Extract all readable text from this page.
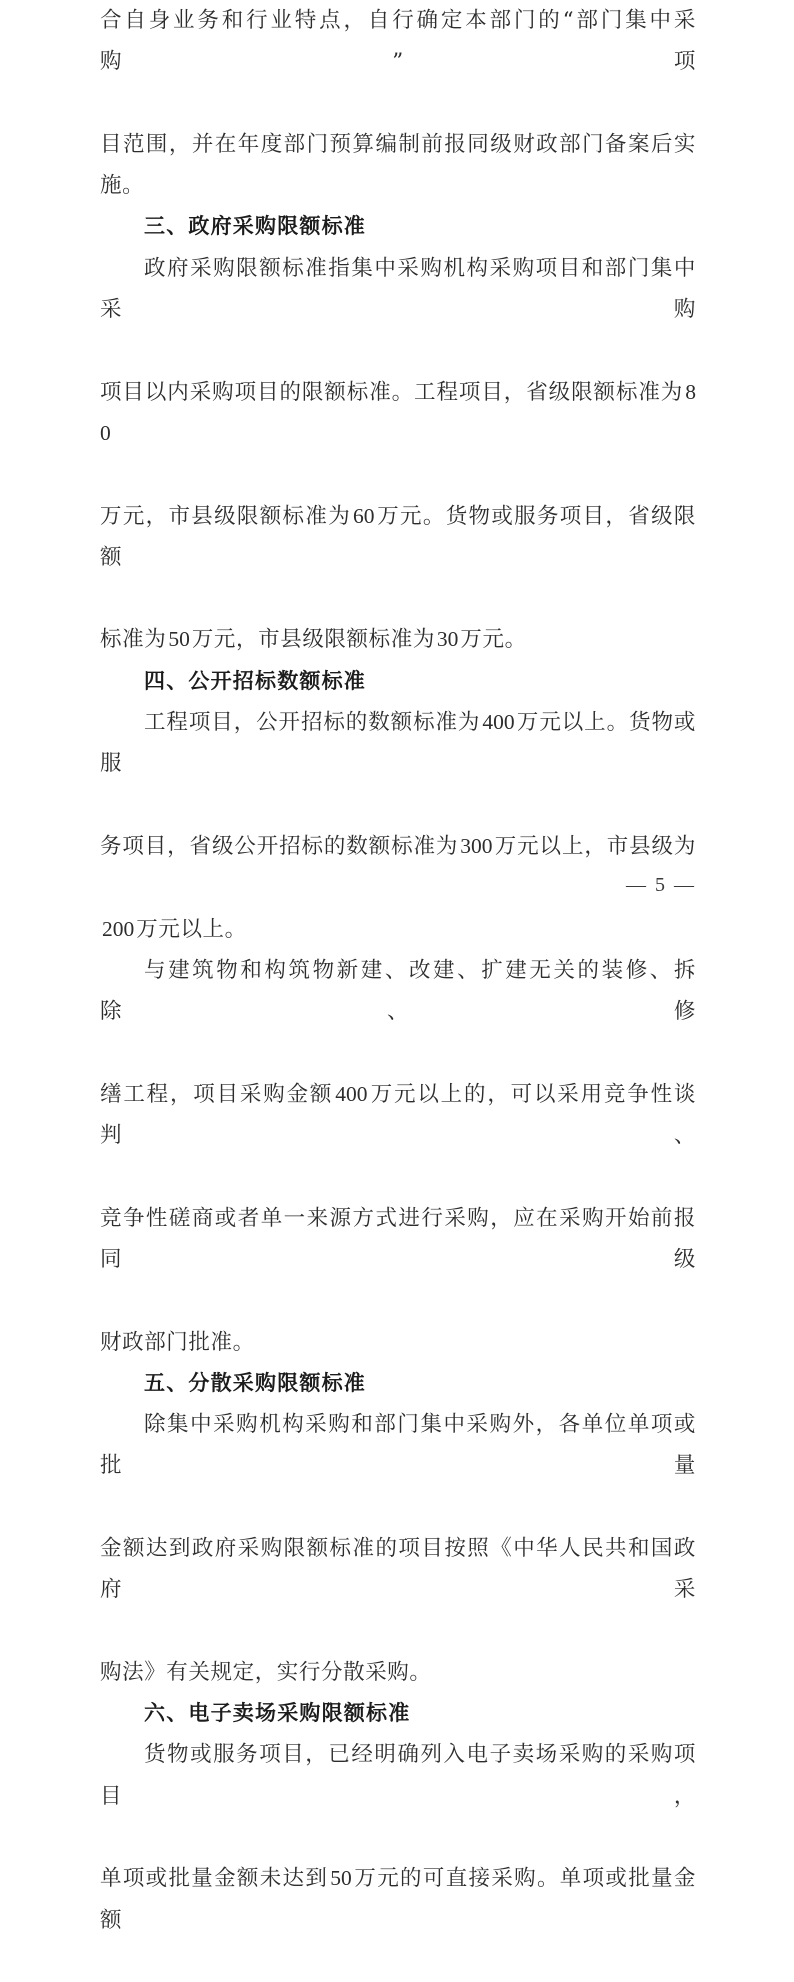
合自身业务和行业特点，自行确定本部门的“部门集中采购”项

目范围，并在年度部门预算编制前报同级财政部门备案后实施。

三、政府采购限额标准

政府采购限额标准指集中采购机构采购项目和部门集中采购

项目以内采购项目的限额标准。工程项目，省级限额标准为80

万元，市县级限额标准为60万元。货物或服务项目，省级限额

标准为50万元，市县级限额标准为30万元。

四、公开招标数额标准

工程项目，公开招标的数额标准为400万元以上。货物或服

务项目，省级公开招标的数额标准为300万元以上，市县级为

200万元以上。

与建筑物和构筑物新建、改建、扩建无关的装修、拆除、修

缮工程，项目采购金额400万元以上的，可以采用竞争性谈判、

竞争性磋商或者单一来源方式进行采购，应在采购开始前报同级

财政部门批准。

五、分散采购限额标准

除集中采购机构采购和部门集中采购外，各单位单项或批量

金额达到政府采购限额标准的项目按照《中华人民共和国政府采

购法》有关规定，实行分散采购。

六、电子卖场采购限额标准

货物或服务项目，已经明确列入电子卖场采购的采购项目，

单项或批量金额未达到50万元的可直接采购。单项或批量金额

— 5 —
